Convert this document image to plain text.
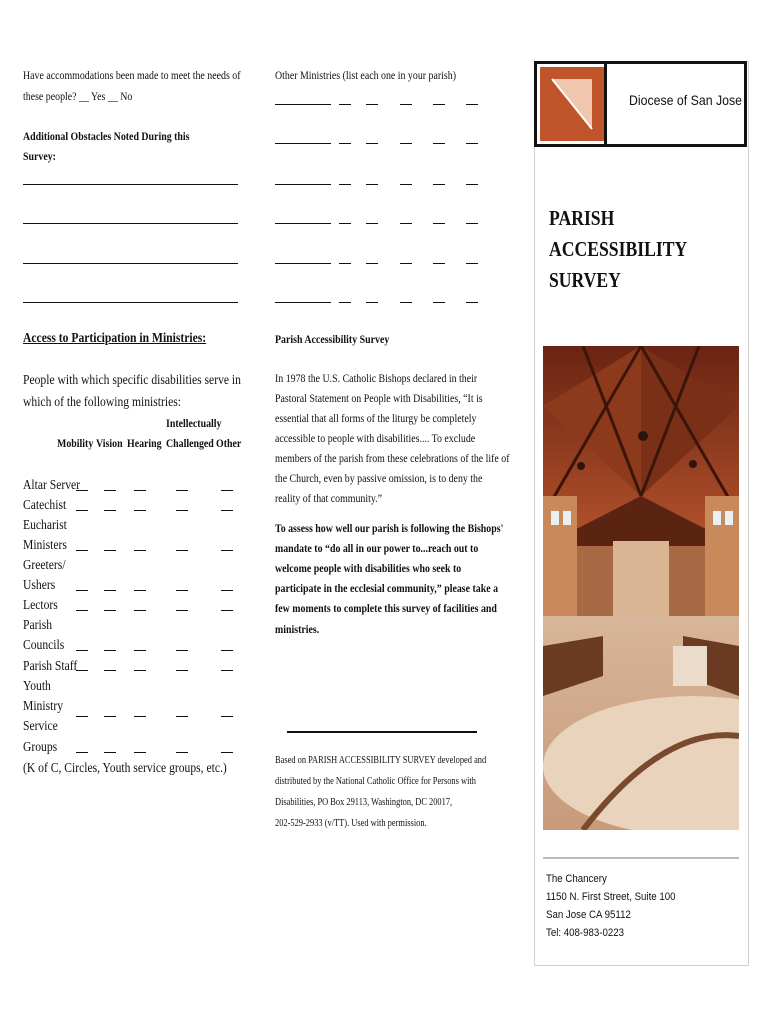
Have accommodations been made to meet the needs of
these people? __ Yes __ No
Additional Obstacles Noted During this
Survey:
Access to Participation in Ministries:
People with which specific disabilities serve in
which of the following ministries:
Intellectually
Mobility Vision Hearing Challenged Other
Altar Server
Catechist
Eucharist
Ministers
Greeters/
Ushers
Lectors
Parish
Councils
Parish Staff
Youth
Ministry
Service
Groups
(K of C, Circles, Youth service groups, etc.)
Other Ministries (list each one in your parish)
Parish Accessibility Survey
In 1978 the U.S. Catholic Bishops declared in their
Pastoral Statement on People with Disabilities, “It is
essential that all forms of the liturgy be completely
accessible to people with disabilities.... To exclude
members of the parish from these celebrations of the life of
the Church, even by passive omission, is to deny the
reality of that community.”
To assess how well our parish is following the Bishops'
mandate to “do all in our power to...reach out to
welcome people with disabilities who seek to
participate in the ecclesial community,” please take a
few moments to complete this survey of facilities and
ministries.
Based on PARISH ACCESSIBILITY SURVEY developed and
distributed by the National Catholic Office for Persons with
Disabilities, PO Box 29113, Washington, DC 20017,
202-529-2933 (v/TT). Used with permission.
Diocese of San Jose
PARISH
ACCESSIBILITY
SURVEY
The Chancery
1150 N. First Street, Suite 100
San Jose CA 95112
Tel: 408-983-0223
